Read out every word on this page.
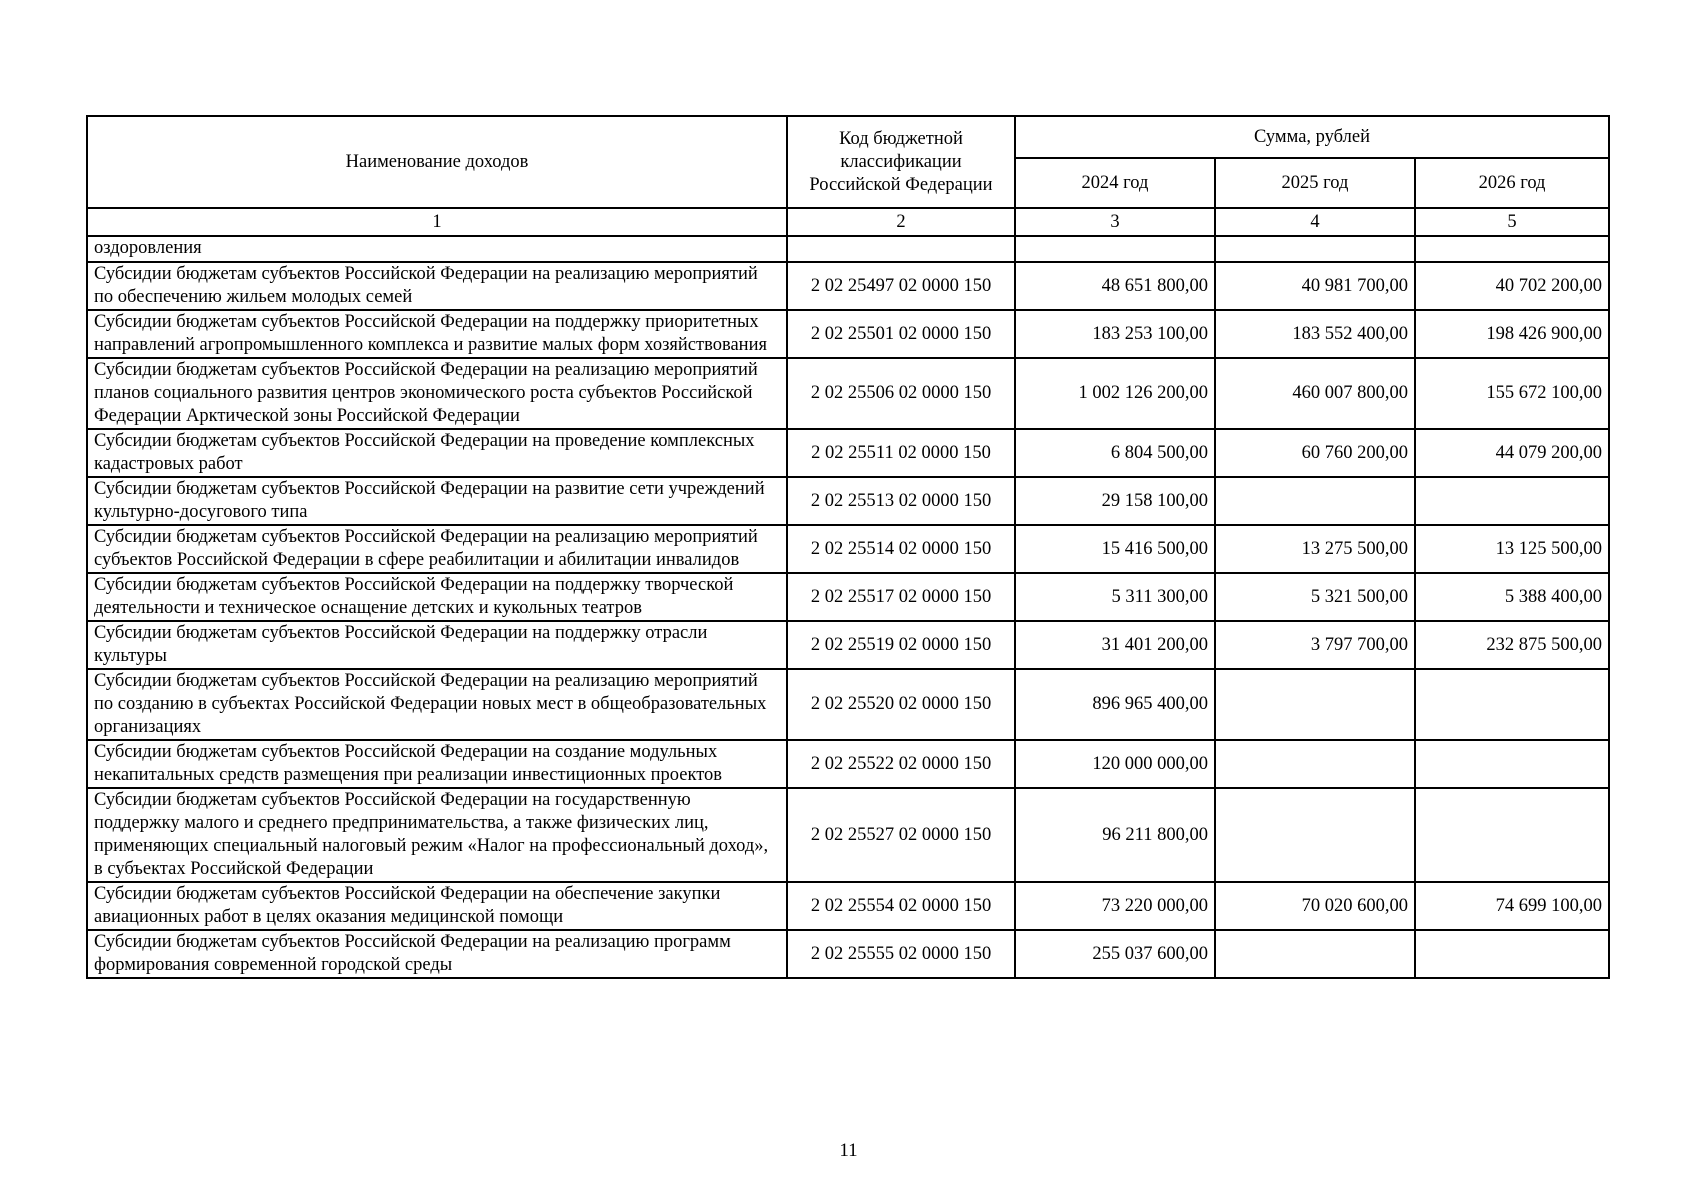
Наименование доходов	Код бюджетной классификации Российской Федерации	Сумма, рублей		
		2024 год	2025 год	2026 год
1	2	3	4	5
оздоровления				
Субсидии бюджетам субъектов Российской Федерации на реализацию мероприятий по обеспечению жильем молодых семей	2 02 25497 02 0000 150	48 651 800,00	40 981 700,00	40 702 200,00
Субсидии бюджетам субъектов Российской Федерации на поддержку приоритетных направлений агропромышленного комплекса и развитие малых форм хозяйствования	2 02 25501 02 0000 150	183 253 100,00	183 552 400,00	198 426 900,00
Субсидии бюджетам субъектов Российской Федерации на реализацию мероприятий планов социального развития центров экономического роста субъектов Российской Федерации Арктической зоны Российской Федерации	2 02 25506 02 0000 150	1 002 126 200,00	460 007 800,00	155 672 100,00
Субсидии бюджетам субъектов Российской Федерации на проведение комплексных кадастровых работ	2 02 25511 02 0000 150	6 804 500,00	60 760 200,00	44 079 200,00
Субсидии бюджетам субъектов Российской Федерации на развитие сети учреждений культурно-досугового типа	2 02 25513 02 0000 150	29 158 100,00		
Субсидии бюджетам субъектов Российской Федерации на реализацию мероприятий субъектов Российской Федерации в сфере реабилитации и абилитации инвалидов	2 02 25514 02 0000 150	15 416 500,00	13 275 500,00	13 125 500,00
Субсидии бюджетам субъектов Российской Федерации на поддержку творческой деятельности и техническое оснащение детских и кукольных театров	2 02 25517 02 0000 150	5 311 300,00	5 321 500,00	5 388 400,00
Субсидии бюджетам субъектов Российской Федерации на поддержку отрасли культуры	2 02 25519 02 0000 150	31 401 200,00	3 797 700,00	232 875 500,00
Субсидии бюджетам субъектов Российской Федерации на реализацию мероприятий по созданию в субъектах Российской Федерации новых мест в общеобразовательных организациях	2 02 25520 02 0000 150	896 965 400,00		
Субсидии бюджетам субъектов Российской Федерации на создание модульных некапитальных средств размещения при реализации инвестиционных проектов	2 02 25522 02 0000 150	120 000 000,00		
Субсидии бюджетам субъектов Российской Федерации на государственную поддержку малого и среднего предпринимательства, а также физических лиц, применяющих специальный налоговый режим «Налог на профессиональный доход», в субъектах Российской Федерации	2 02 25527 02 0000 150	96 211 800,00		
Субсидии бюджетам субъектов Российской Федерации на обеспечение закупки авиационных работ в целях оказания медицинской помощи	2 02 25554 02 0000 150	73 220 000,00	70 020 600,00	74 699 100,00
Субсидии бюджетам субъектов Российской Федерации на реализацию программ формирования современной городской среды	2 02 25555 02 0000 150	255 037 600,00		
11
